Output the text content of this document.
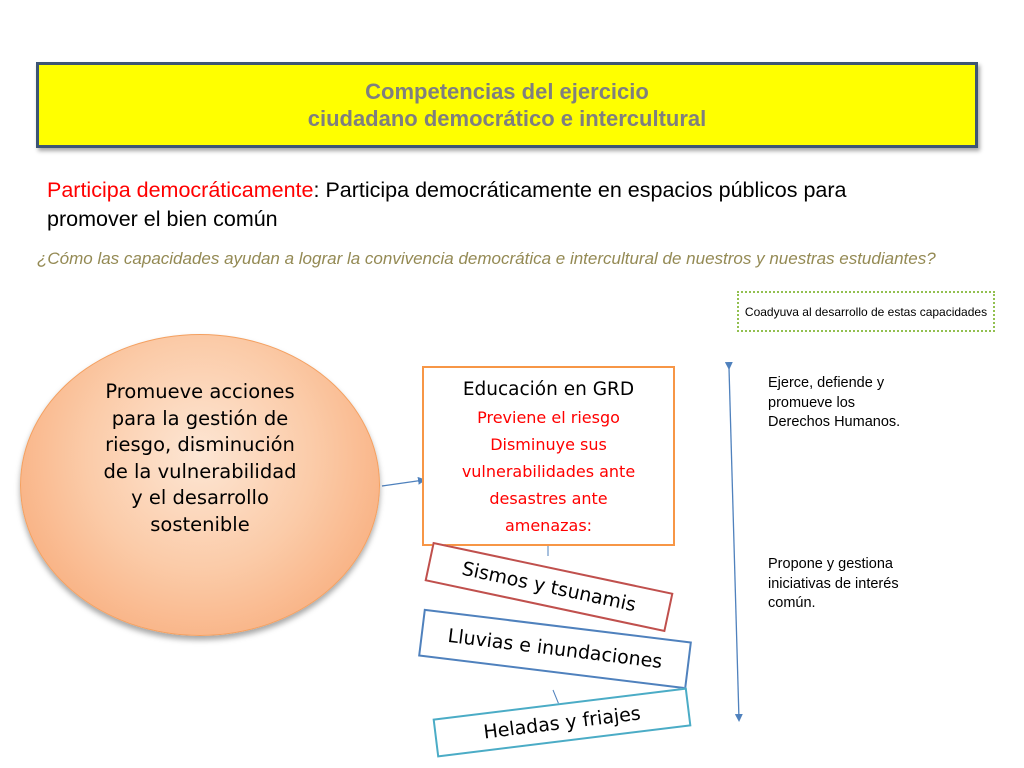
Competencias del ejercicio
ciudadano democrático e intercultural
Participa democráticamente: Participa democráticamente en espacios públicos para promover el bien común
¿Cómo las capacidades ayudan a lograr la convivencia democrática e intercultural de nuestros y nuestras estudiantes?
Coadyuva al desarrollo de estas capacidades
Promueve acciones para la gestión de riesgo, disminución de la vulnerabilidad y el desarrollo sostenible
Educación en GRD
Previene el riesgo
Disminuye sus
vulnerabilidades ante
desastres ante
amenazas:
Sismos y tsunamis
Lluvias e inundaciones
Heladas y friajes
Ejerce, defiende y promueve los Derechos Humanos.
Propone y gestiona iniciativas de interés común.
